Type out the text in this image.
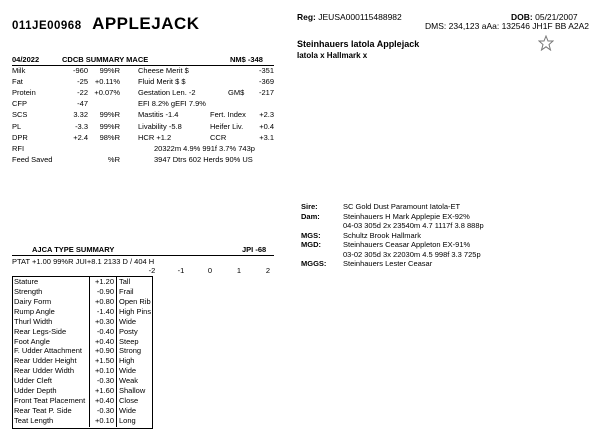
011JE00968 APPLEJACK	Reg: JEUSA000115488982	DOB: 05/21/2007
DMS: 234,123 aAa: 132546 JH1F BB A2A2
Steinhauers Iatola Applejack
Iatola x Hallmark x
04/2022	CDCB SUMMARY MACE	NM$ -348
Milk	-960	99%R Cheese Merit $	-351
Fat	-25 +0.11% Fluid Merit $ $	-369
Protein	-22 +0.07% Gestation Len. -2	GM$	-217
CFP	-47	EFI 8.2% gEFI 7.9%
SCS	3.32	99%R Mastitis -1.4	Fert. Index	+2.3
PL	-3.3	99%R Livability -5.8	Heifer Liv.	+0.4
DPR	+2.4	98%R HCR +1.2	CCR	+3.1
RFI	20322m 4.9% 991f 3.7% 743p
Feed Saved	%R	3947 Dtrs 602 Herds 90% US
Sire:	SC Gold Dust Paramount Iatola-ET
Dam:	Steinhauers H Mark Applepie EX-92%
04-03 305d 2x 23540m 4.7 1117f 3.8 888p
MGS:	Schultz Brook Hallmark
MGD:	Steinhauers Ceasar Appleton EX-91%
03-02 305d 3x 22030m 4.5 998f 3.3 725p
MGGS: Steinhauers Lester Ceasar
AJCA TYPE SUMMARY	JPI -68
PTAT +1.00 99%R JUI+8.1 2133 D / 404 H
-2	-1	0	1	2
Stature	+1.20 Tall
Strength	-0.90 Frail
Dairy Form	+0.80 Open Rib
Rump Angle	-1.40 High Pins
Thurl Width	+0.30 Wide
Rear Legs-Side	-0.40 Posty
Foot Angle	+0.40 Steep
F. Udder Attachment	+0.90 Strong
Rear Udder Height	+1.50 High
Rear Udder Width	+0.10 Wide
Udder Cleft	-0.30 Weak
Udder Depth	+1.60 Shallow
Front Teat Placement	+0.40 Close
Rear Teat P. Side	-0.30 Wide
Teat Length	+0.10 Long
